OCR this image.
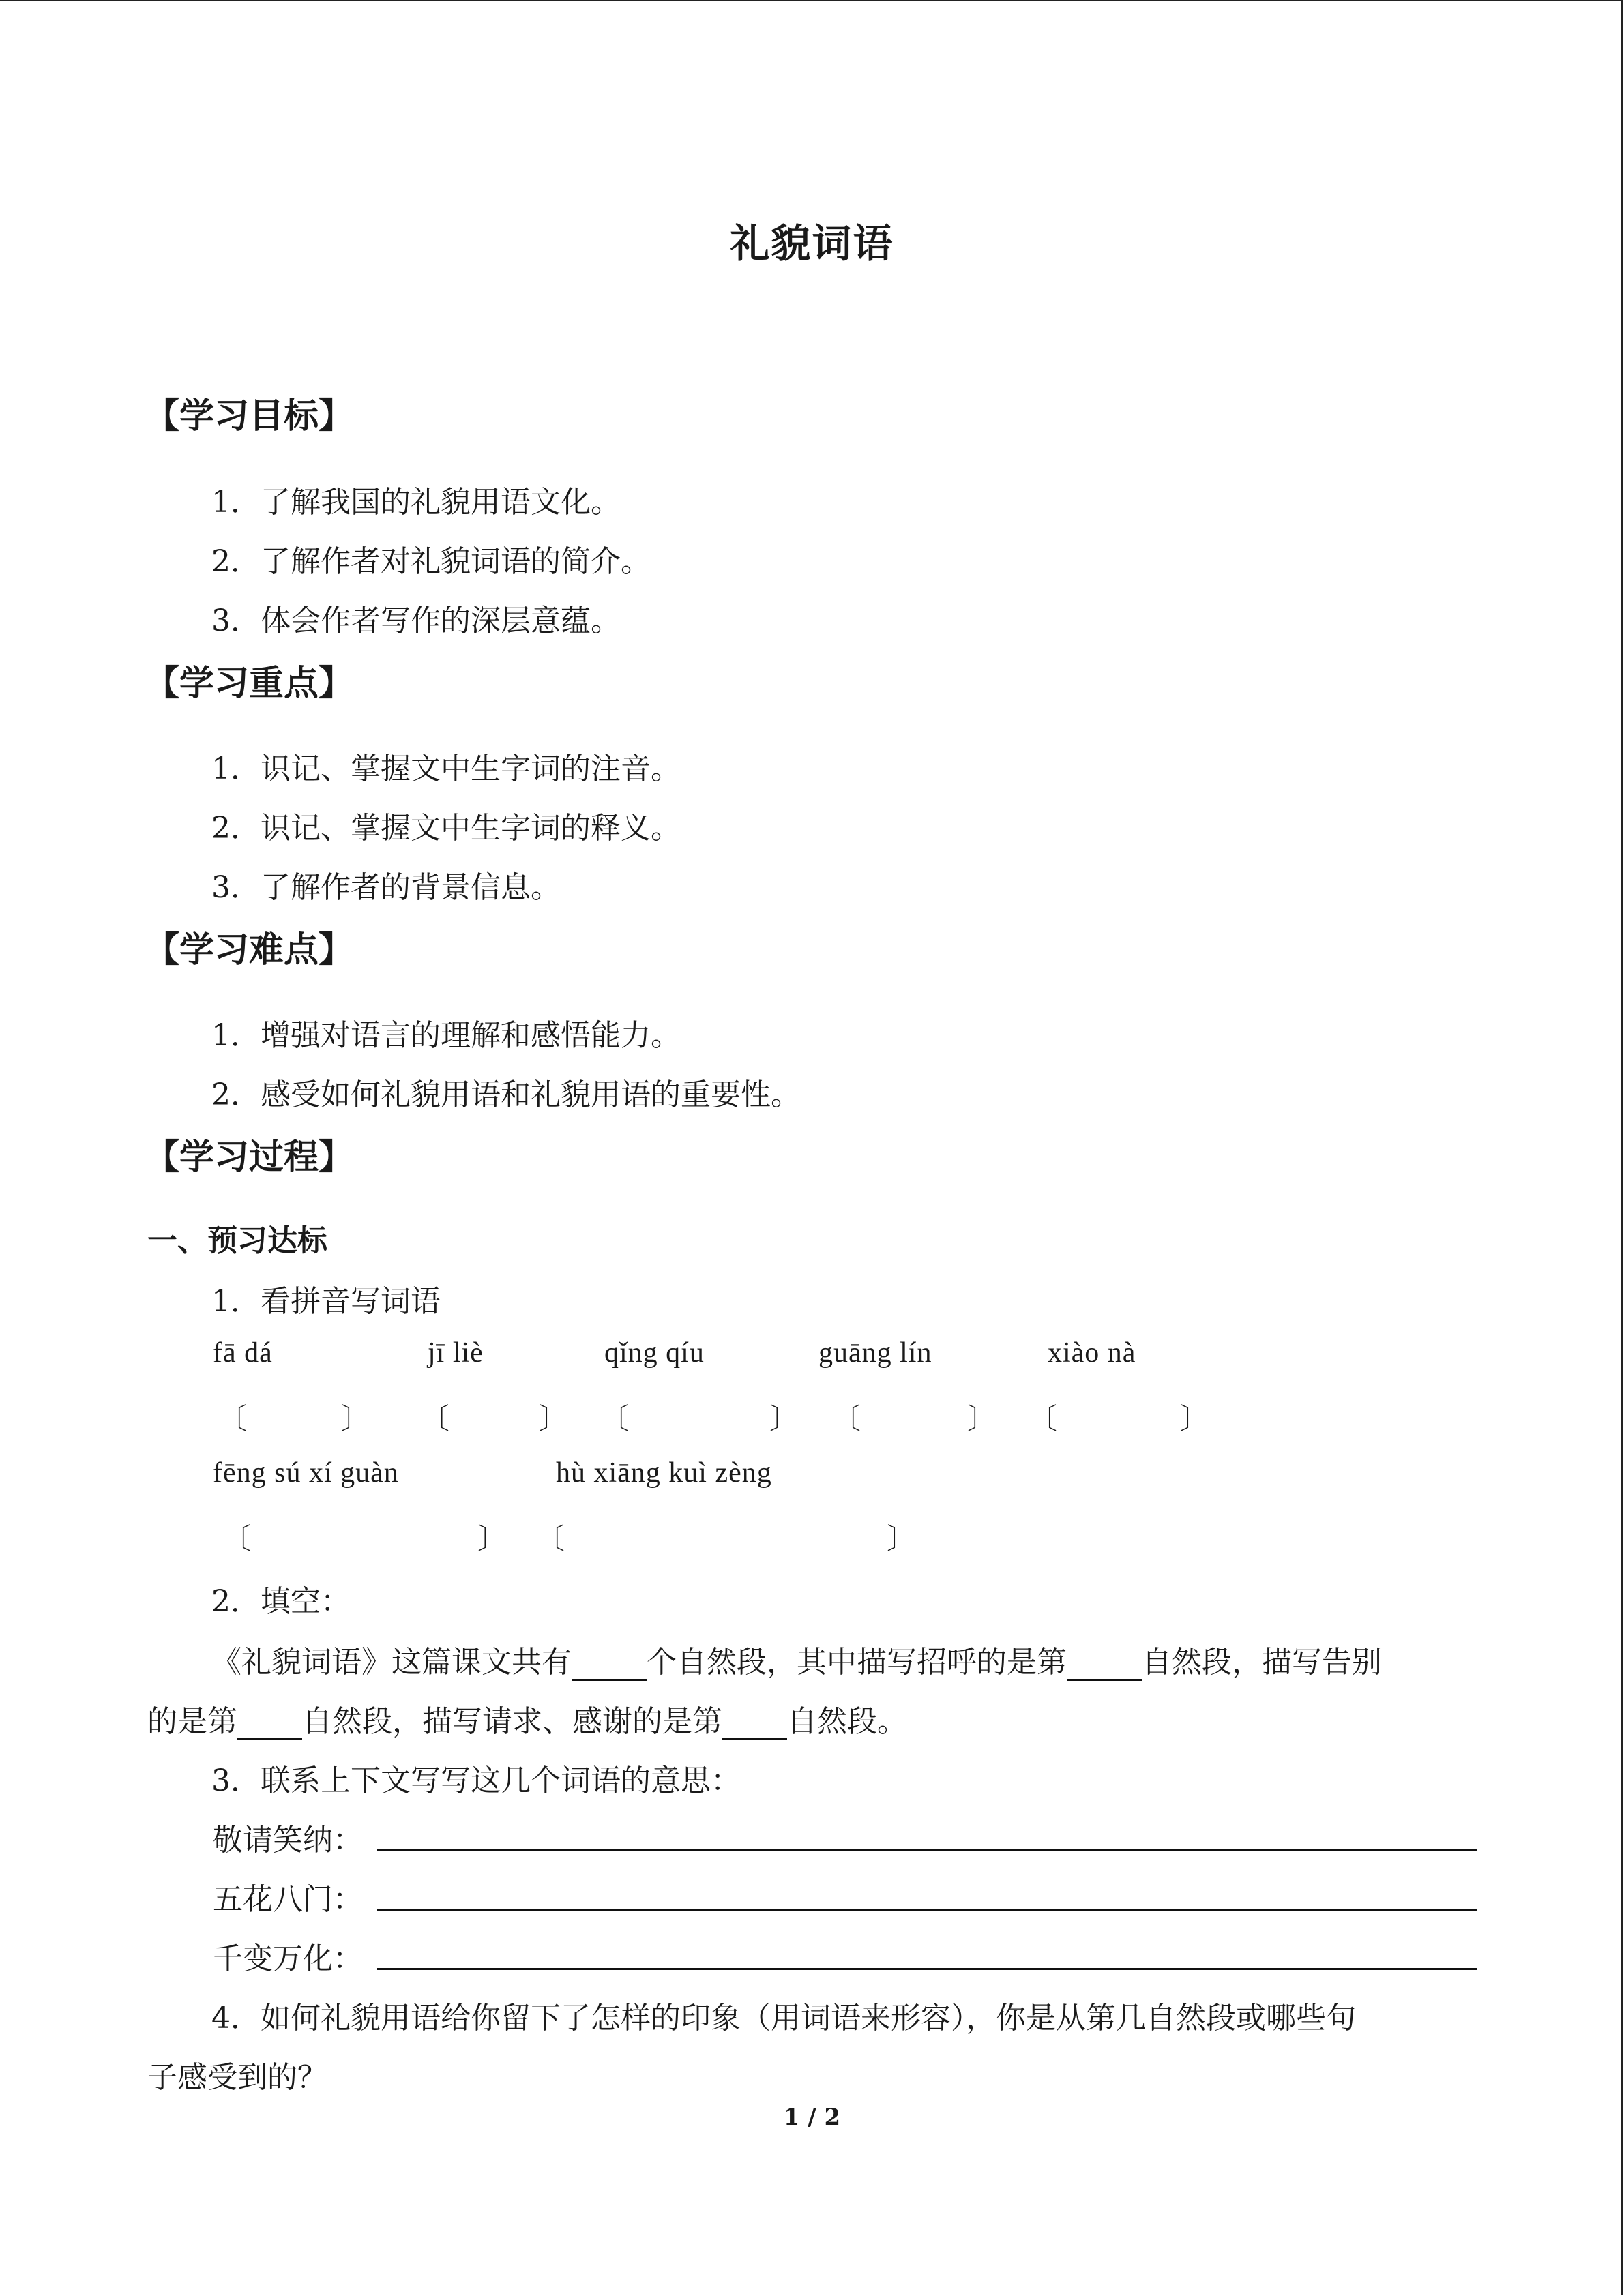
礼貌词语
【学习目标】
1．了解我国的礼貌用语文化。
2．了解作者对礼貌词语的简介。
3．体会作者写作的深层意蕴。
【学习重点】
1．识记、掌握文中生字词的注音。
2．识记、掌握文中生字词的释义。
3．了解作者的背景信息。
【学习难点】
1．增强对语言的理解和感悟能力。
2．感受如何礼貌用语和礼貌用语的重要性。
【学习过程】
一、预习达标
1．看拼音写词语
fā dá	jī liè	qǐng qíu	guāng lín	xiào nà
〔	〕 〔	〕 〔	〕 〔	〕 〔	〕
fēng sú xí guàn	hù xiāng kuì zèng
〔	〕 〔	〕
2．填空：
《礼貌词语》这篇课文共有	个自然段，其中描写招呼的是第	自然段，描写告别
的是第 自然段，描写请求、感谢的是第 自然段。
3．联系上下文写写这几个词语的意思：
敬请笑纳：
五花八门：
千变万化：
4．如何礼貌用语给你留下了怎样的印象（用词语来形容），你是从第几自然段或哪些句
子感受到的？
1 / 2
